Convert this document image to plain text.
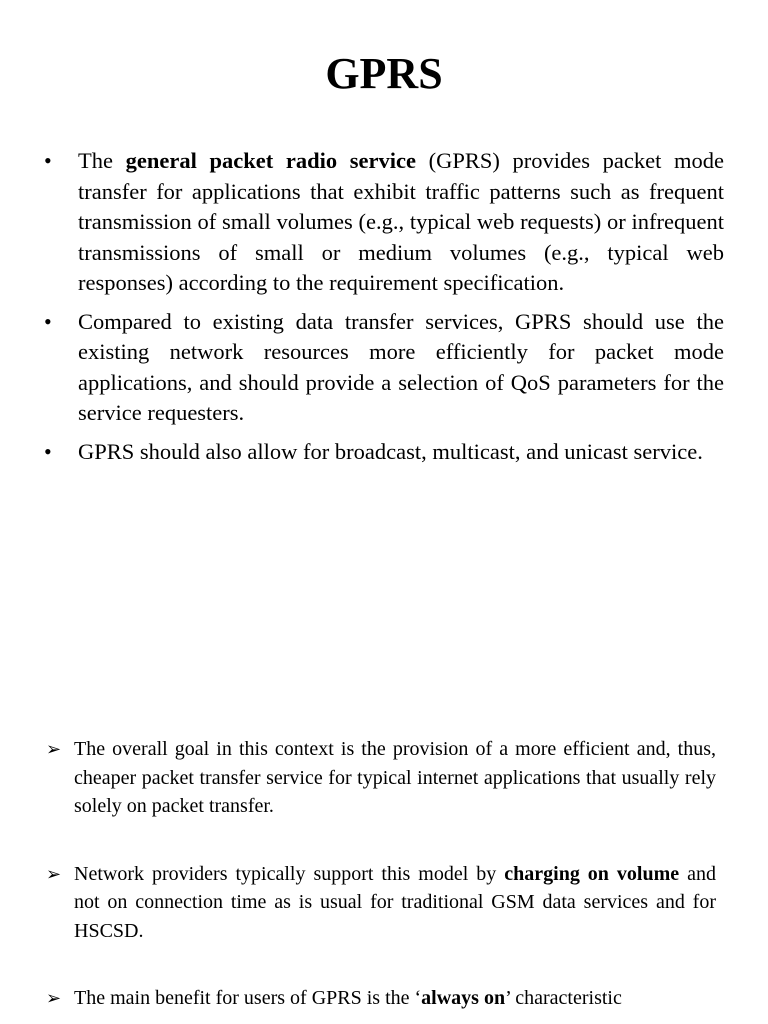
GPRS
•	The general packet radio service (GPRS) provides packet mode transfer for applications that exhibit traffic patterns such as frequent transmission of small volumes (e.g., typical web requests) or infrequent transmissions of small or medium volumes (e.g., typical web responses) according to the requirement specification.
•	Compared to existing data transfer services, GPRS should use the existing network resources more efficiently for packet mode applications, and should provide a selection of QoS parameters for the service requesters.
•	GPRS should also allow for broadcast, multicast, and unicast service.
➢ The overall goal in this context is the provision of a more efficient and, thus, cheaper packet transfer service for typical internet applications that usually rely solely on packet transfer.
➢ Network providers typically support this model by charging on volume and not on connection time as is usual for traditional GSM data services and for HSCSD.
➢ The main benefit for users of GPRS is the ‘always on’ characteristic
